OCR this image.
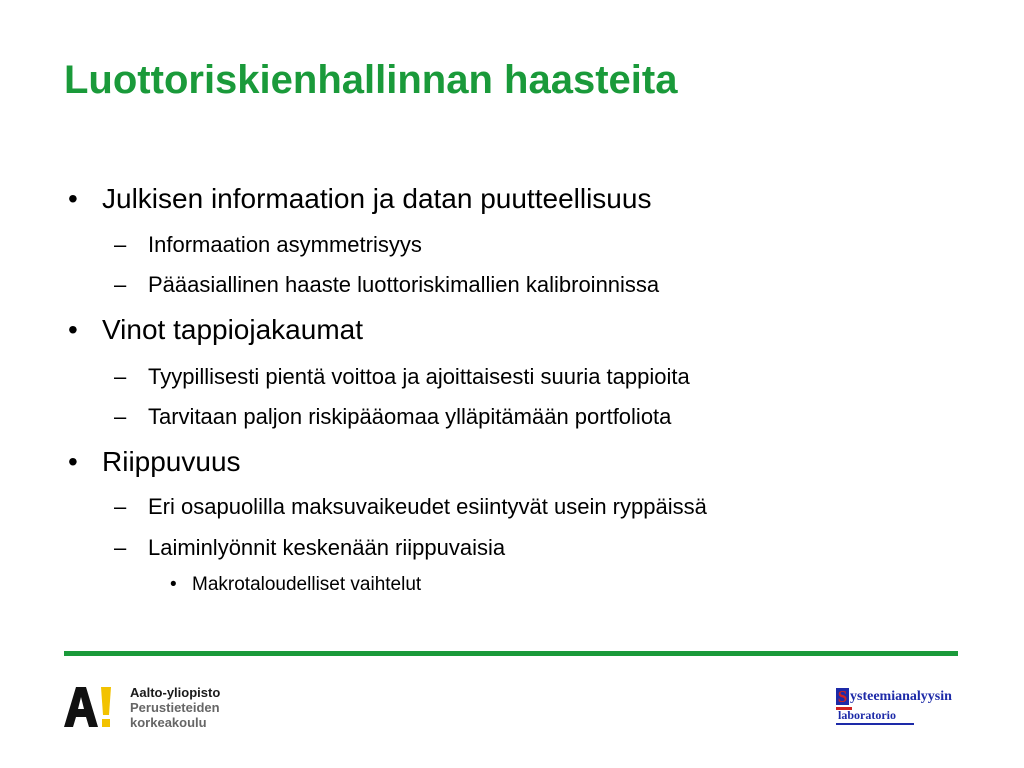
Luottoriskienhallinnan haasteita
• Julkisen informaation ja datan puutteellisuus
– Informaation asymmetrisyys
– Pääasiallinen haaste luottoriskimallien kalibroinnissa
• Vinot tappiojakaumat
– Tyypillisesti pientä voittoa ja ajoittaisesti suuria tappioita
– Tarvitaan paljon riskipääomaa ylläpitämään portfoliota
• Riippuvuus
– Eri osapuolilla maksuvaikeudet esiintyvät usein ryppäissä
– Laiminlyönnit keskenään riippuvaisia
• Makrotaloudelliset vaihtelut
Aalto-yliopisto
Perustieteiden
korkeakoulu
S ysteemianalyysin
laboratorio
